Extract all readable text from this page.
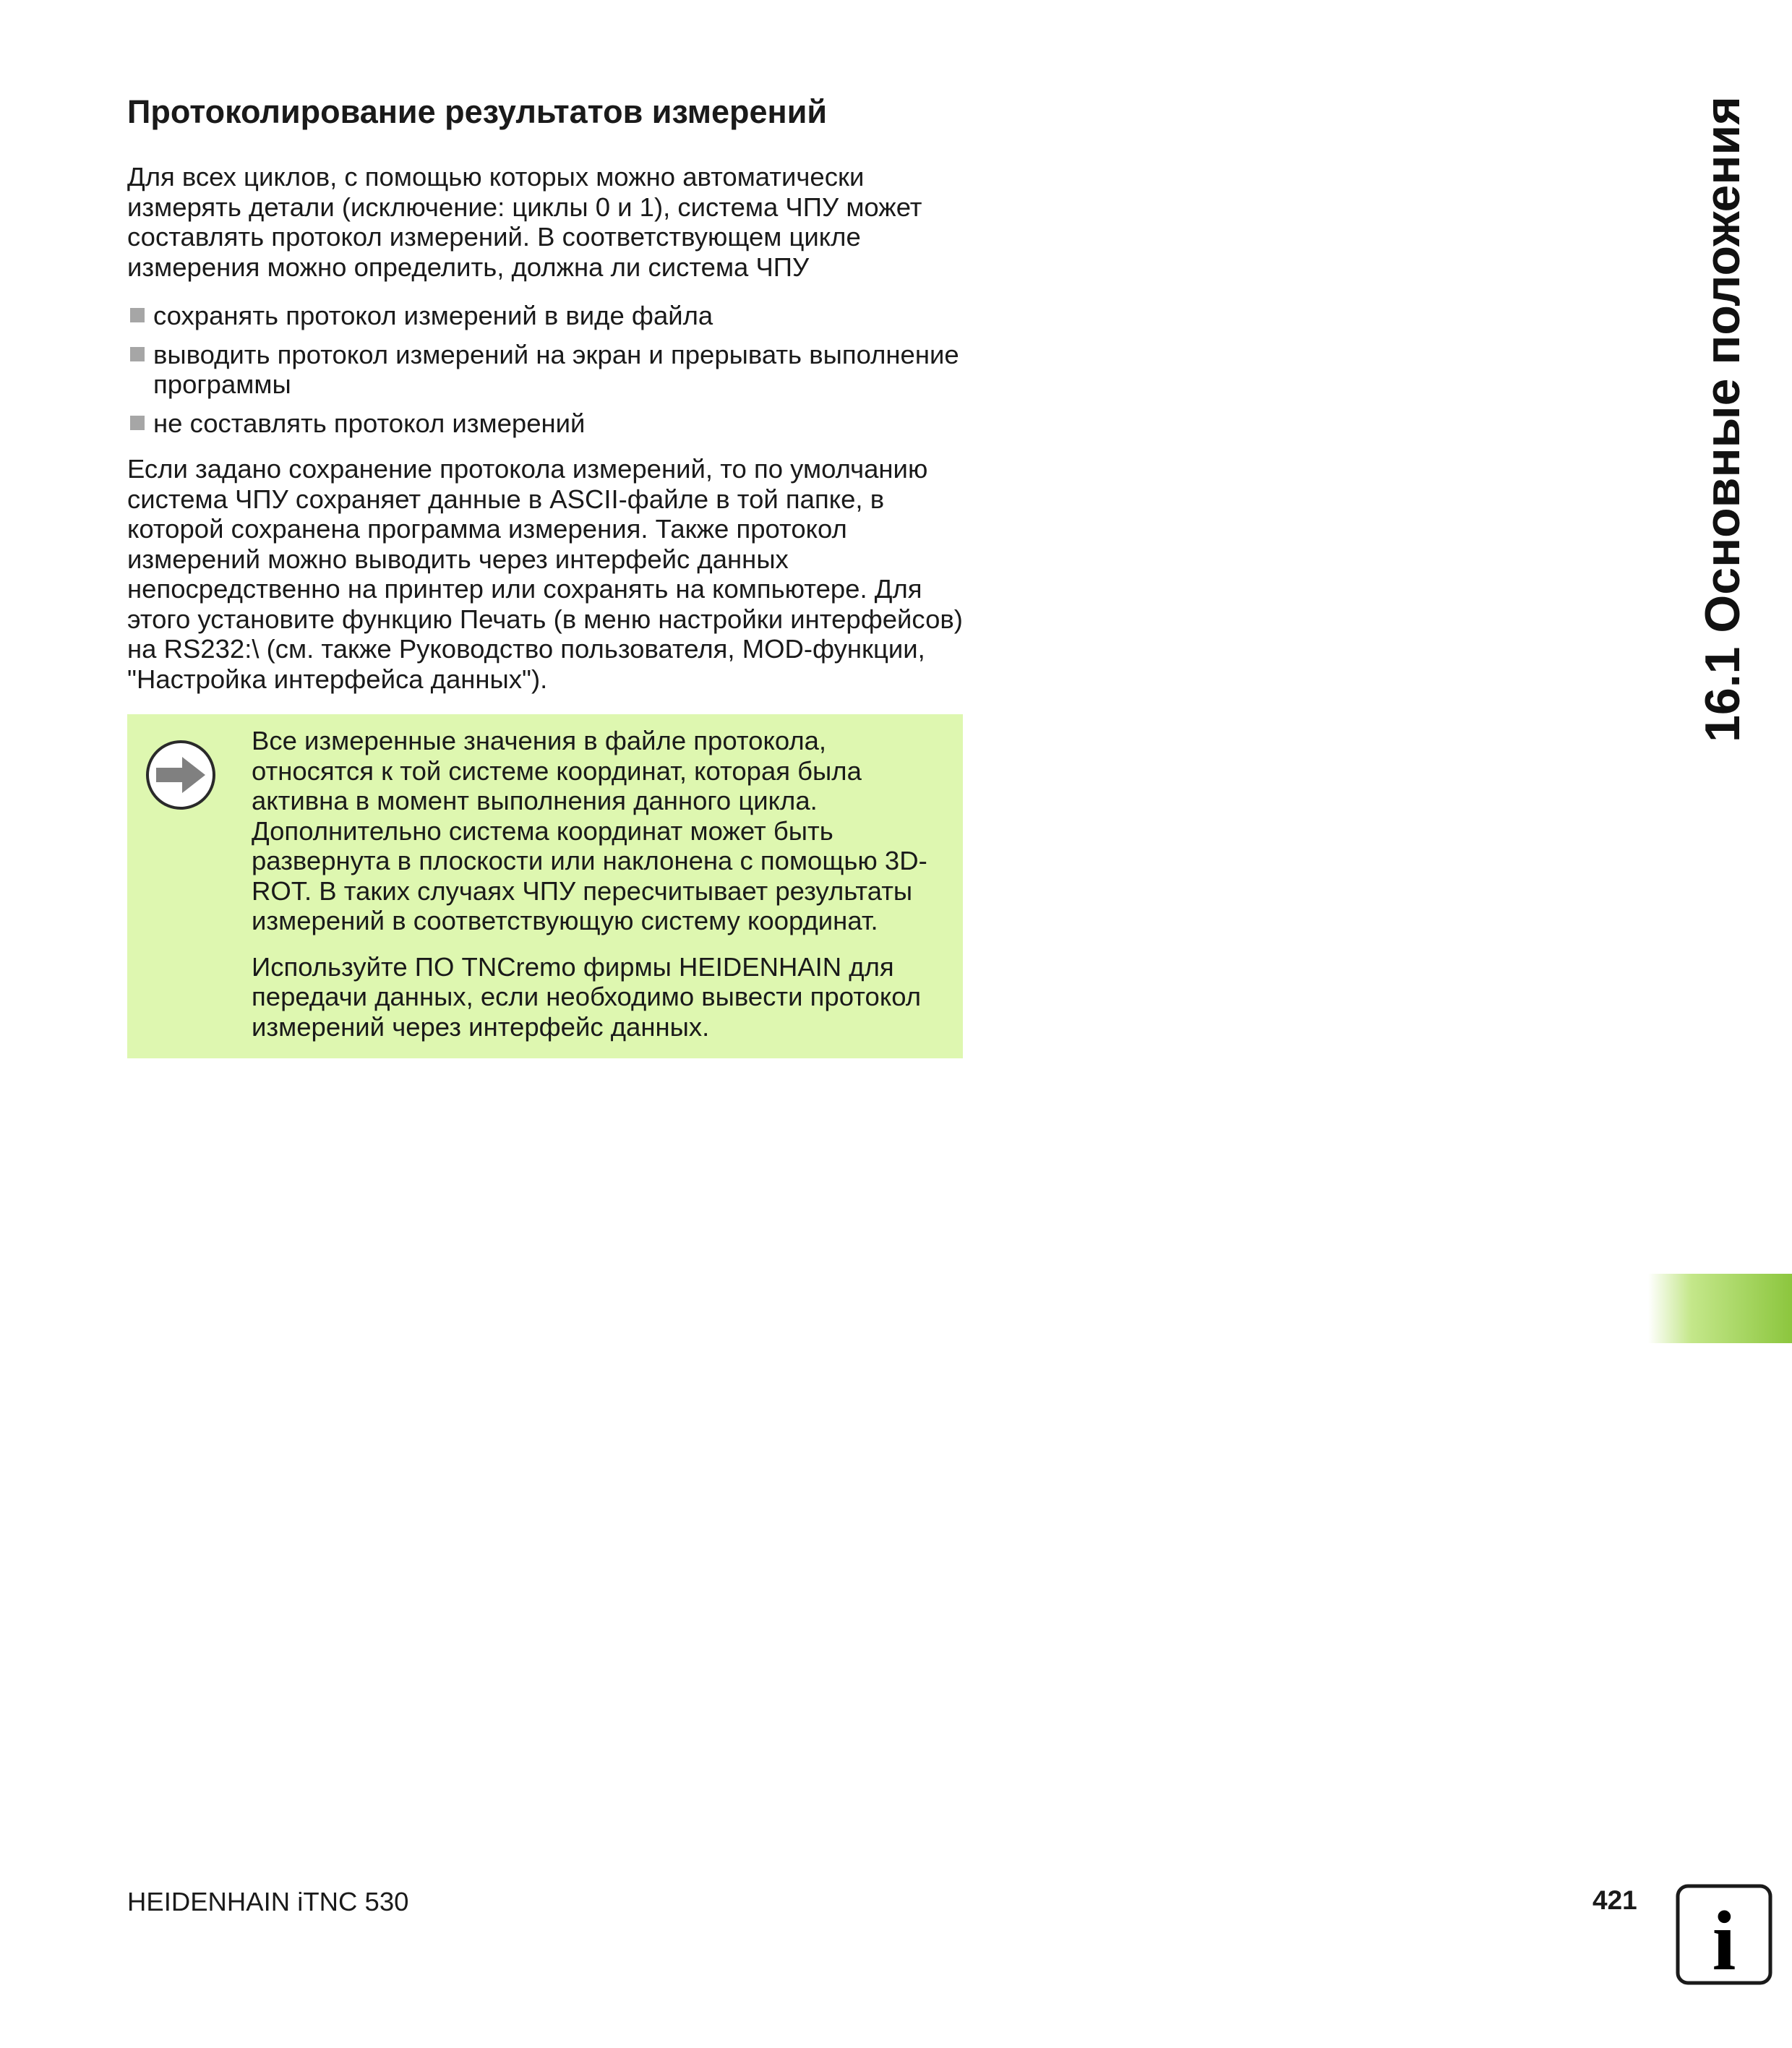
Протоколирование результатов измерений

Для всех циклов, с помощью которых можно автоматически измерять детали (исключение: циклы 0 и 1), система ЧПУ может составлять протокол измерений. В соответствующем цикле измерения можно определить, должна ли система ЧПУ

сохранять протокол измерений в виде файла
выводить протокол измерений на экран и прерывать выполнение программы
не составлять протокол измерений

Если задано сохранение протокола измерений, то по умолчанию система ЧПУ сохраняет данные в ASCII-файле в той папке, в которой сохранена программа измерения. Также протокол измерений можно выводить через интерфейс данных непосредственно на принтер или сохранять на компьютере. Для этого установите функцию Печать (в меню настройки интерфейсов) на RS232:\ (см. также Руководство пользователя, MOD-функции, "Настройка интерфейса данных").

Все измеренные значения в файле протокола, относятся к той системе координат, которая была активна в момент выполнения данного цикла. Дополнительно система координат может быть развернута в плоскости или наклонена с помощью 3D-ROT. В таких случаях ЧПУ пересчитывает результаты измерений в соответствующую систему координат.

Используйте ПО TNCremo фирмы HEIDENHAIN для передачи данных, если необходимо вывести протокол измерений через интерфейс данных.

16.1 Основные положения
HEIDENHAIN iTNC 530	421 i
